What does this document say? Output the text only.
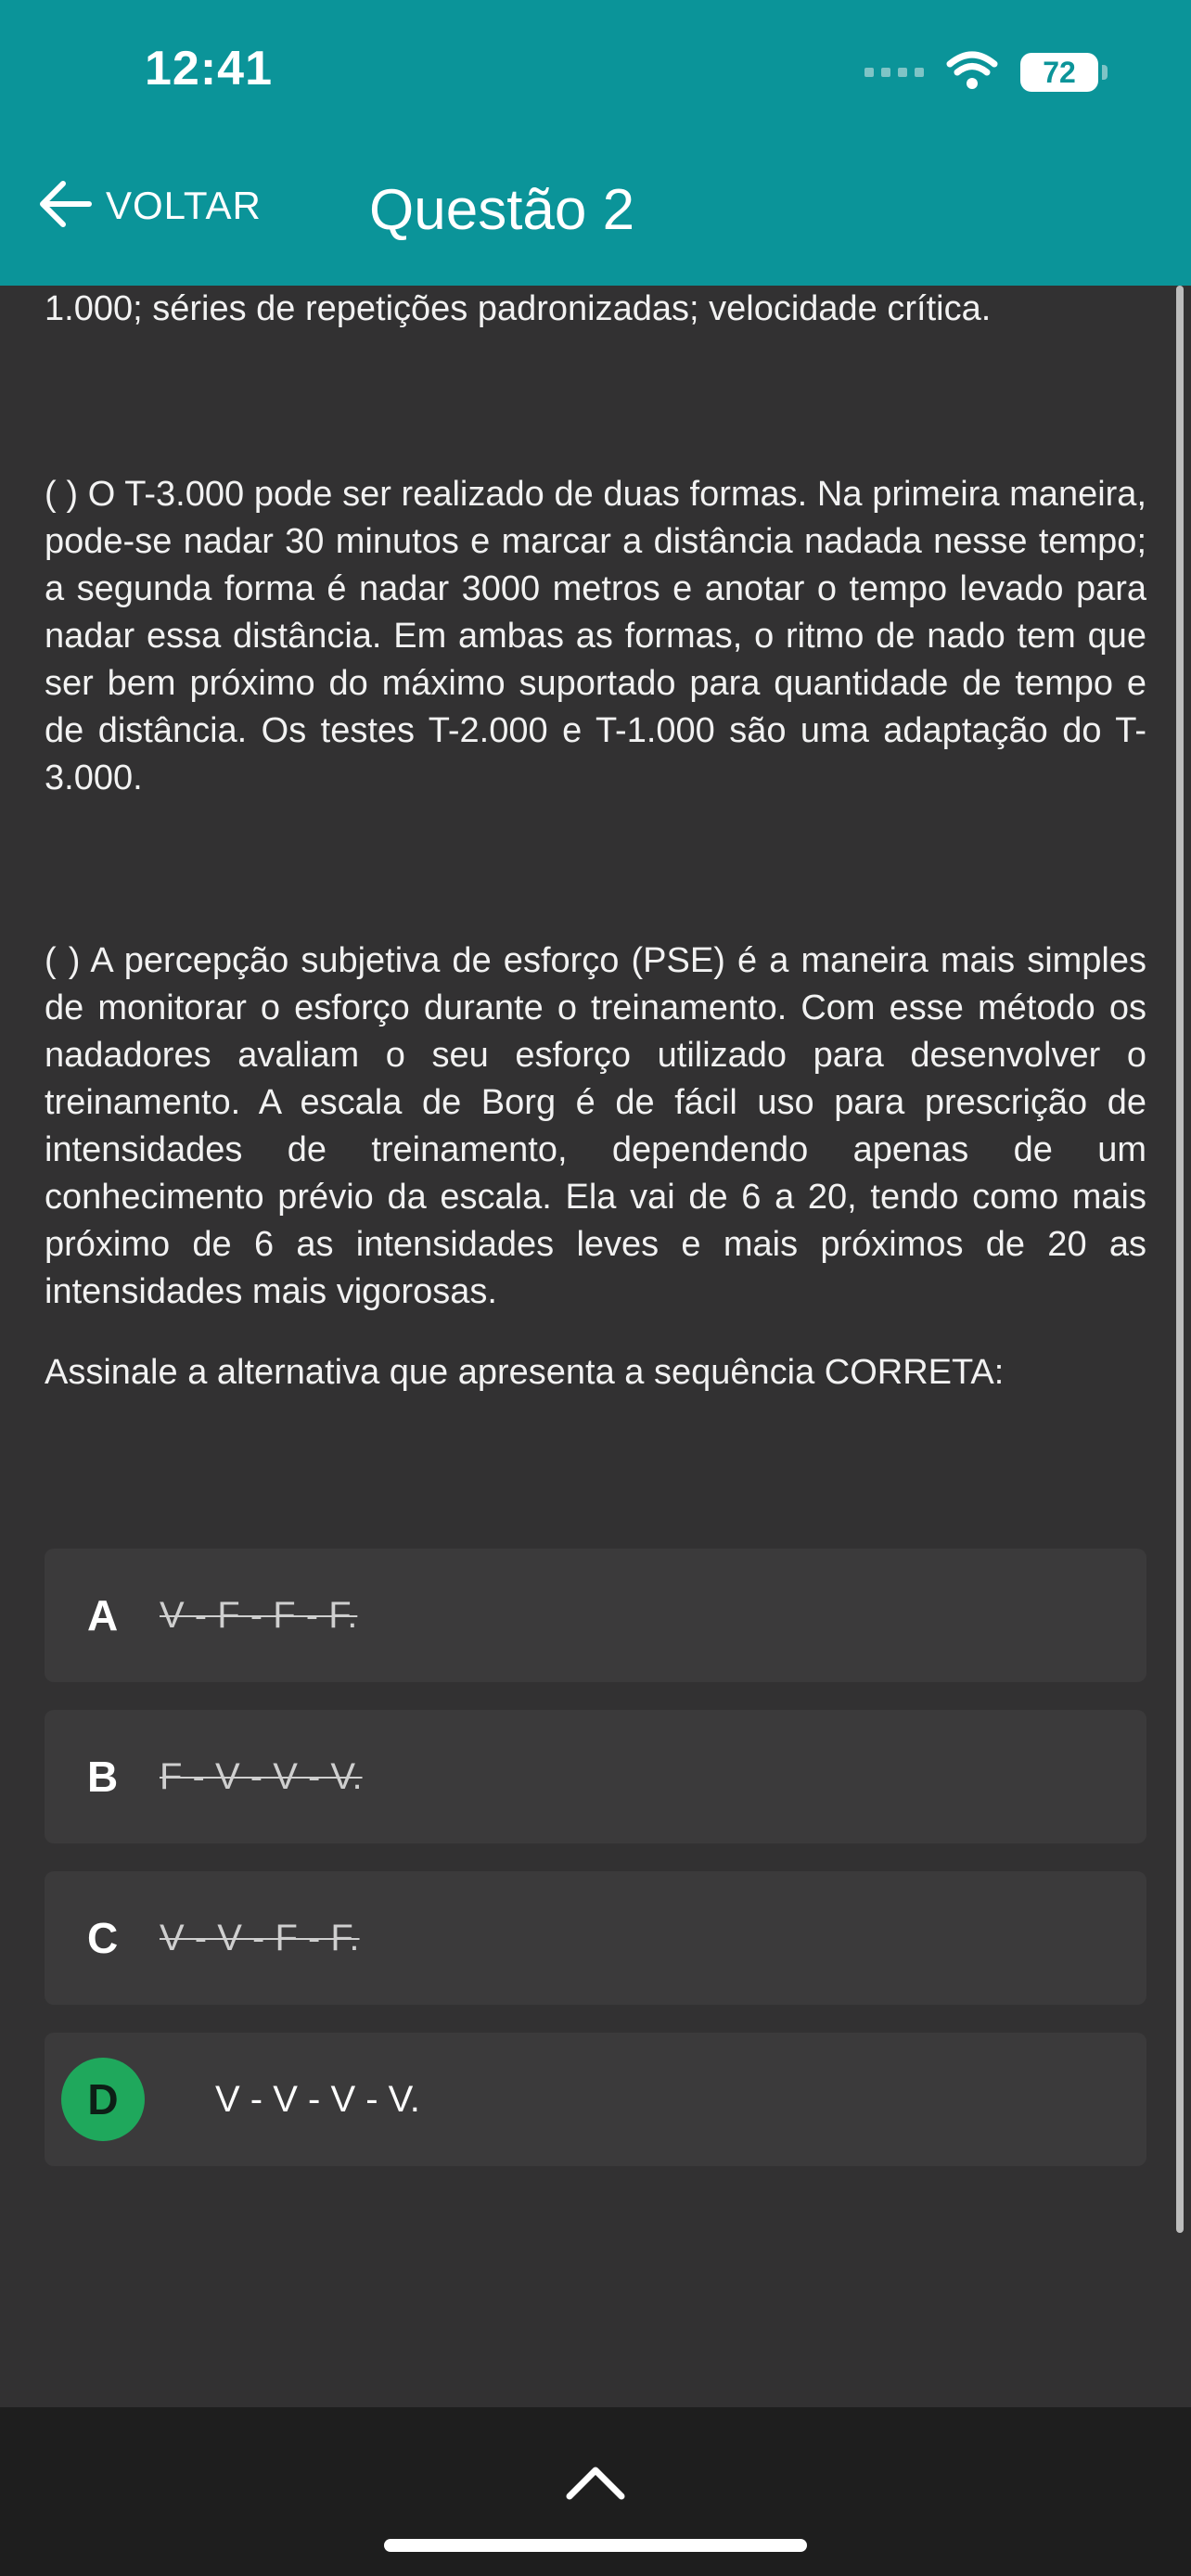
12:41	72
VOLTAR Questão 2

1.000; séries de repetições padronizadas; velocidade crítica.

( ) O T-3.000 pode ser realizado de duas formas. Na primeira maneira, pode-se nadar 30 minutos e marcar a distância nadada nesse tempo; a segunda forma é nadar 3000 metros e anotar o tempo levado para nadar essa distância. Em ambas as formas, o ritmo de nado tem que ser bem próximo do máximo suportado para quantidade de tempo e de distância. Os testes T-2.000 e T-1.000 são uma adaptação do T-3.000.

( ) A percepção subjetiva de esforço (PSE) é a maneira mais simples de monitorar o esforço durante o treinamento. Com esse método os nadadores avaliam o seu esforço utilizado para desenvolver o treinamento. A escala de Borg é de fácil uso para prescrição de intensidades de treinamento, dependendo apenas de um conhecimento prévio da escala. Ela vai de 6 a 20, tendo como mais próximo de 6 as intensidades leves e mais próximos de 20 as intensidades mais vigorosas.

Assinale a alternativa que apresenta a sequência CORRETA:

A	V - F - F - F.
B	F - V - V - V.
C	V - V - F - F.
D	V - V - V - V.
